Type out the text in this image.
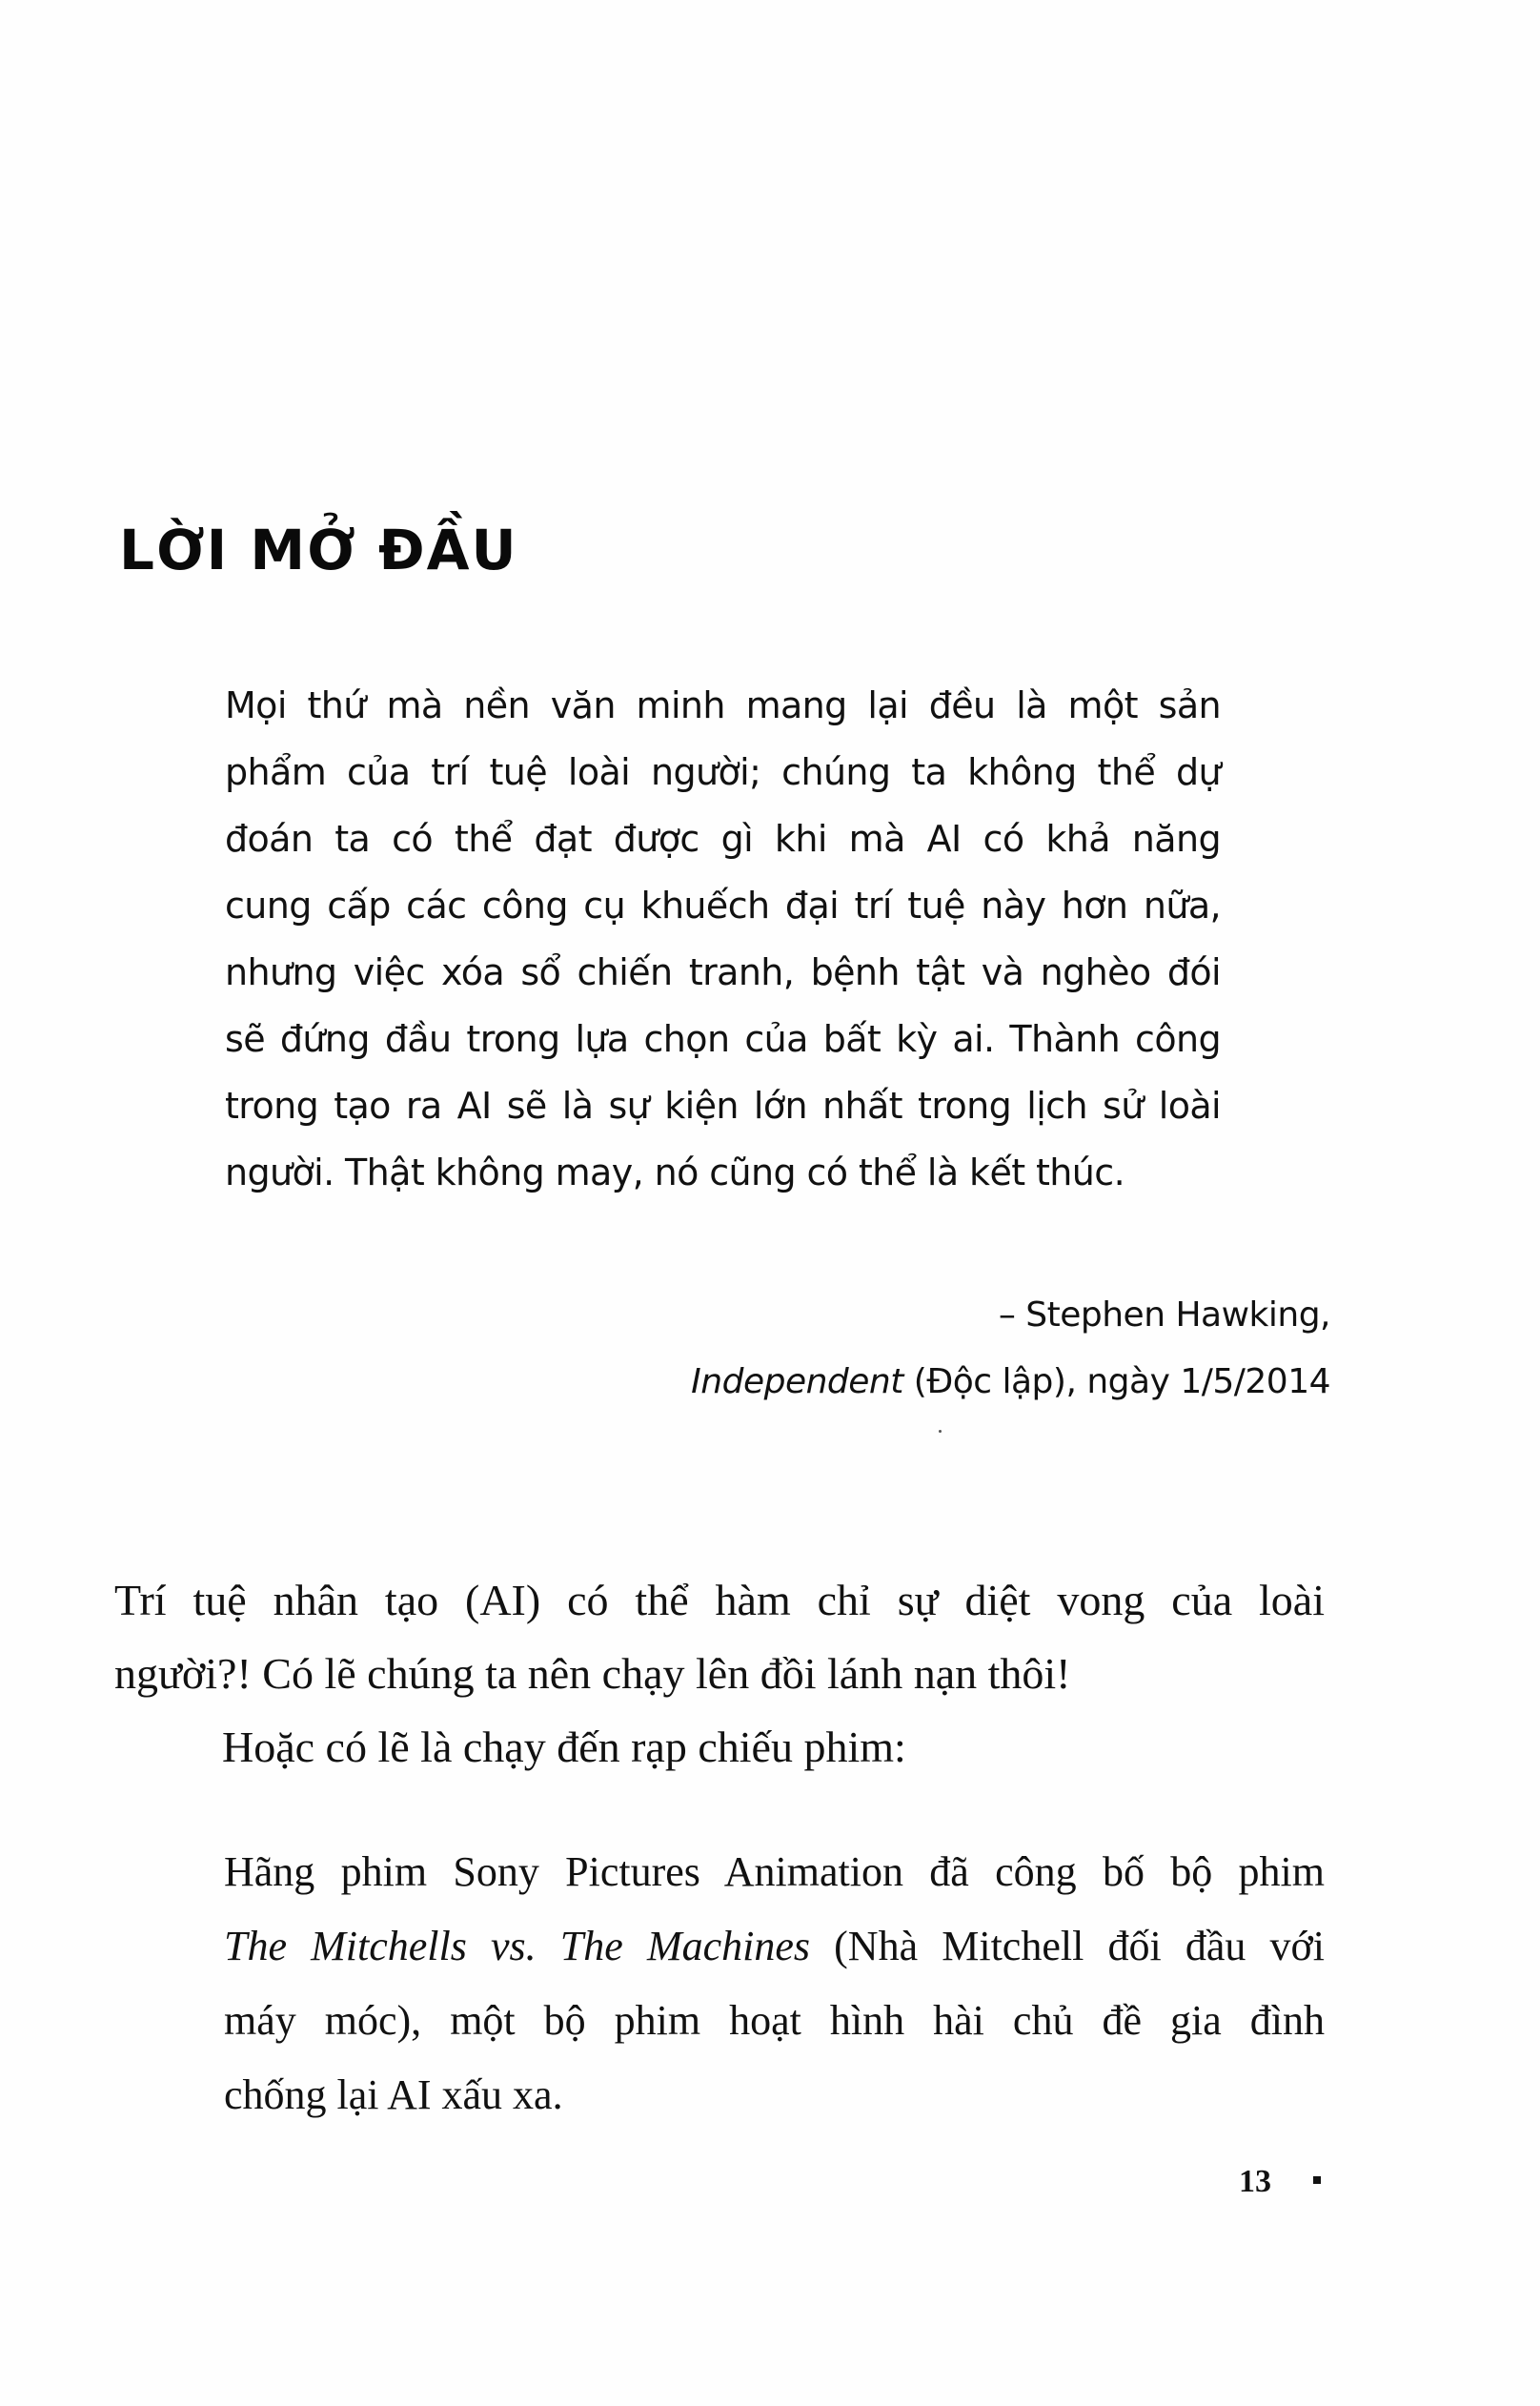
LỜI MỞ ĐẦU
Mọi thứ mà nền văn minh mang lại đều là một sản
phẩm của trí tuệ loài người; chúng ta không thể dự
đoán ta có thể đạt được gì khi mà AI có khả năng
cung cấp các công cụ khuếch đại trí tuệ này hơn nữa,
nhưng việc xóa sổ chiến tranh, bệnh tật và nghèo đói
sẽ đứng đầu trong lựa chọn của bất kỳ ai. Thành công
trong tạo ra AI sẽ là sự kiện lớn nhất trong lịch sử loài
người. Thật không may, nó cũng có thể là kết thúc.
– Stephen Hawking,
Independent (Độc lập), ngày 1/5/2014
Trí tuệ nhân tạo (AI) có thể hàm chỉ sự diệt vong của loài
người?! Có lẽ chúng ta nên chạy lên đồi lánh nạn thôi!
Hoặc có lẽ là chạy đến rạp chiếu phim:
Hãng phim Sony Pictures Animation đã công bố bộ phim
The Mitchells vs. The Machines (Nhà Mitchell đối đầu với
máy móc), một bộ phim hoạt hình hài chủ đề gia đình
chống lại AI xấu xa.
13
